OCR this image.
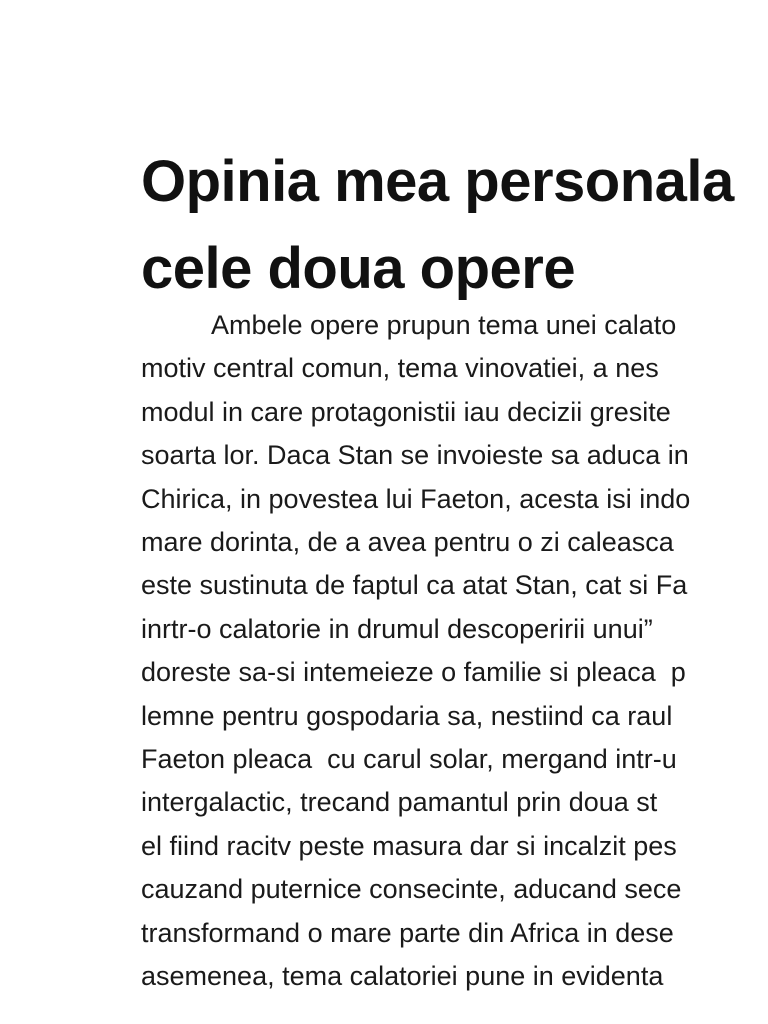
Opinia mea personala
cele doua opere
Ambele opere prupun tema unei calato
motiv central comun, tema vinovatiei, a nes
modul in care protagonistii iau decizii gresite
soarta lor. Daca Stan se invoieste sa aduca in
Chirica, in povestea lui Faeton, acesta isi indo
mare dorinta, de a avea pentru o zi caleasca
este sustinuta de faptul ca atat Stan, cat si Fa
inrtr-o calatorie in drumul descoperirii unui”
doreste sa-si intemeieze o familie si pleaca  p
lemne pentru gospodaria sa, nestiind ca raul
Faeton pleaca  cu carul solar, mergand intr-u
intergalactic, trecand pamantul prin doua st
el fiind racitv peste masura dar si incalzit pes
cauzand puternice consecinte, aducand sece
transformand o mare parte din Africa in dese
asemenea, tema calatoriei pune in evidenta
